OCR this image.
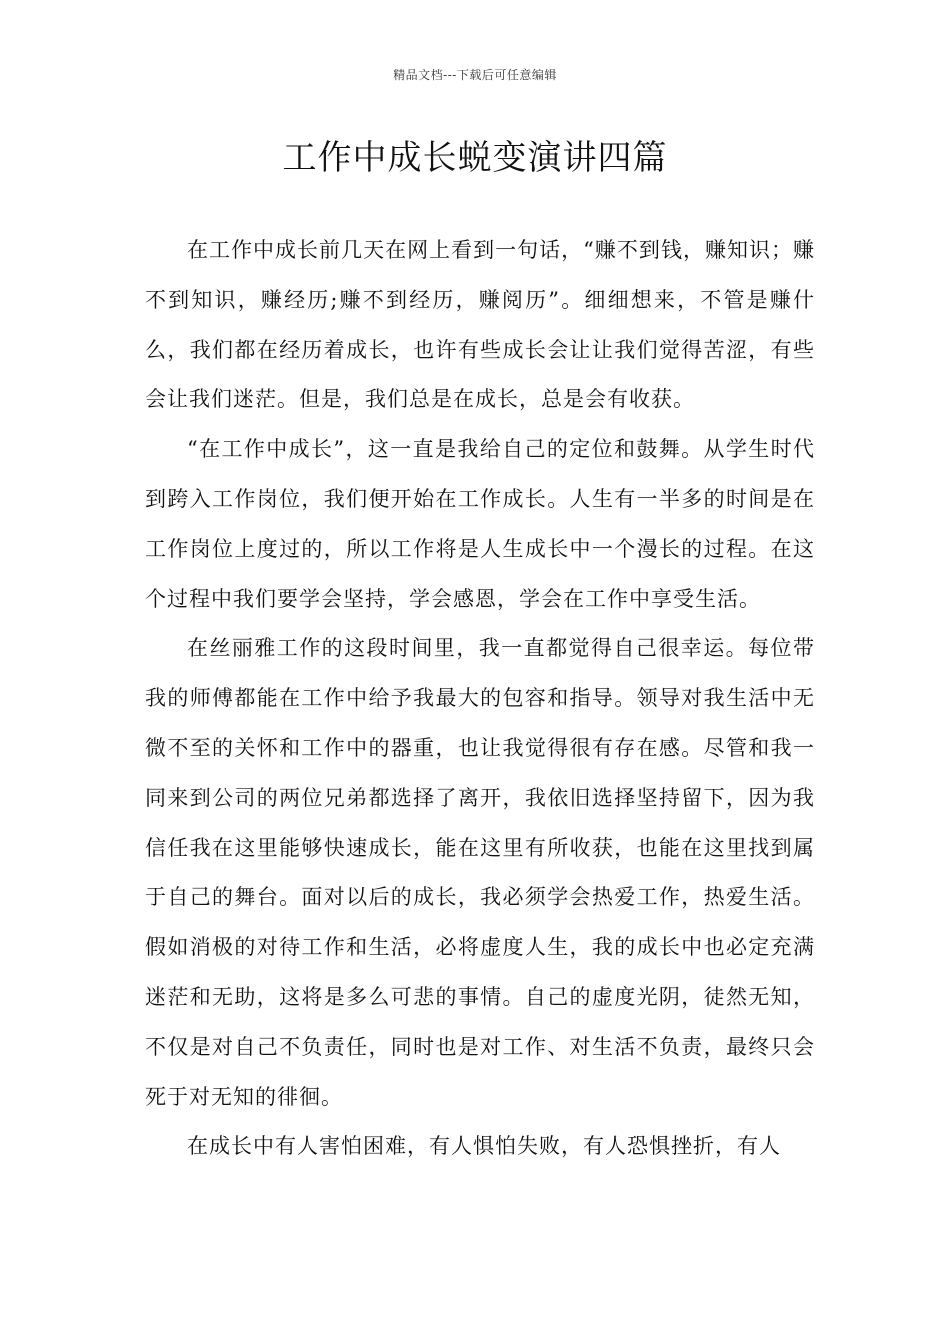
精品文档---下载后可任意编辑
工作中成长蜕变演讲四篇

在工作中成长前几天在网上看到一句话，“赚不到钱，赚知识；赚不到知识，赚经历;赚不到经历，赚阅历”。细细想来，不管是赚什么，我们都在经历着成长，也许有些成长会让让我们觉得苦涩，有些会让我们迷茫。但是，我们总是在成长，总是会有收获。

“在工作中成长”，这一直是我给自己的定位和鼓舞。从学生时代到跨入工作岗位，我们便开始在工作成长。人生有一半多的时间是在工作岗位上度过的，所以工作将是人生成长中一个漫长的过程。在这个过程中我们要学会坚持，学会感恩，学会在工作中享受生活。

在丝丽雅工作的这段时间里，我一直都觉得自己很幸运。每位带我的师傅都能在工作中给予我最大的包容和指导。领导对我生活中无微不至的关怀和工作中的器重，也让我觉得很有存在感。尽管和我一同来到公司的两位兄弟都选择了离开，我依旧选择坚持留下，因为我信任我在这里能够快速成长，能在这里有所收获，也能在这里找到属于自己的舞台。面对以后的成长，我必须学会热爱工作，热爱生活。假如消极的对待工作和生活，必将虚度人生，我的成长中也必定充满迷茫和无助，这将是多么可悲的事情。自己的虚度光阴，徒然无知，不仅是对自己不负责任，同时也是对工作、对生活不负责，最终只会死于对无知的徘徊。

在成长中有人害怕困难，有人惧怕失败，有人恐惧挫折，有人
